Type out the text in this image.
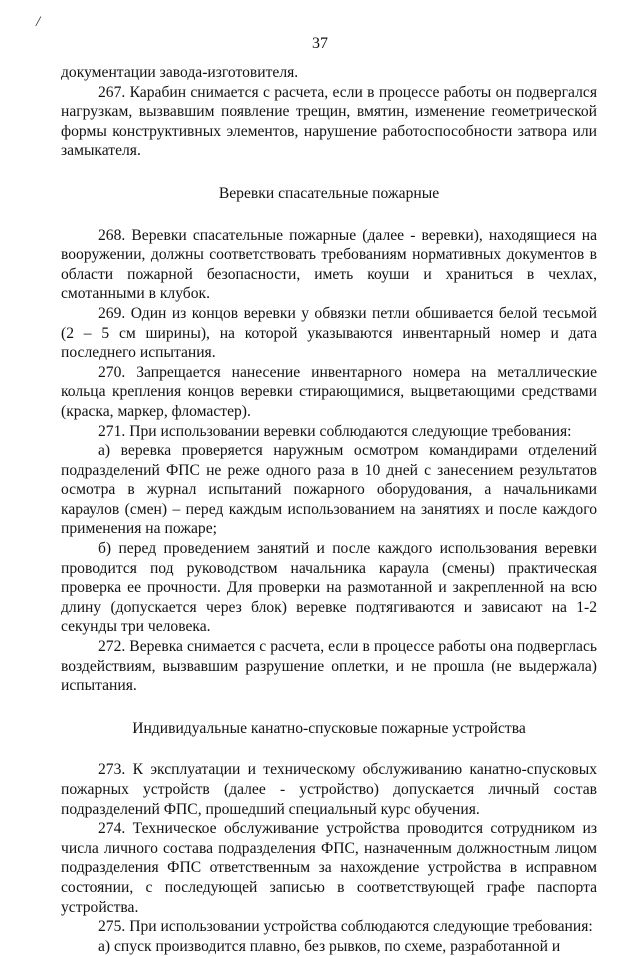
/
37

документации завода-изготовителя.

267. Карабин снимается с расчета, если в процессе работы он подвергался нагрузкам, вызвавшим появление трещин, вмятин, изменение геометрической формы конструктивных элементов, нарушение работоспособности затвора или замыкателя.

Веревки спасательные пожарные

268. Веревки спасательные пожарные (далее - веревки), находящиеся на вооружении, должны соответствовать требованиям нормативных документов в области пожарной безопасности, иметь коуши и храниться в чехлах, смотанными в клубок.

269. Один из концов веревки у обвязки петли обшивается белой тесьмой (2 – 5 см ширины), на которой указываются инвентарный номер и дата последнего испытания.

270. Запрещается нанесение инвентарного номера на металлические кольца крепления концов веревки стирающимися, выцветающими средствами (краска, маркер, фломастер).

271. При использовании веревки соблюдаются следующие требования:

а) веревка проверяется наружным осмотром командирами отделений подразделений ФПС не реже одного раза в 10 дней с занесением результатов осмотра в журнал испытаний пожарного оборудования, а начальниками караулов (смен) – перед каждым использованием на занятиях и после каждого применения на пожаре;

б) перед проведением занятий и после каждого использования веревки проводится под руководством начальника караула (смены) практическая проверка ее прочности. Для проверки на размотанной и закрепленной на всю длину (допускается через блок) веревке подтягиваются и зависают на 1-2 секунды три человека.

272. Веревка снимается с расчета, если в процессе работы она подверглась воздействиям, вызвавшим разрушение оплетки, и не прошла (не выдержала) испытания.

Индивидуальные канатно-спусковые пожарные устройства

273. К эксплуатации и техническому обслуживанию канатно-спусковых пожарных устройств (далее - устройство) допускается личный состав подразделений ФПС, прошедший специальный курс обучения.

274. Техническое обслуживание устройства проводится сотрудником из числа личного состава подразделения ФПС, назначенным должностным лицом подразделения ФПС ответственным за нахождение устройства в исправном состоянии, с последующей записью в соответствующей графе паспорта устройства.

275. При использовании устройства соблюдаются следующие требования:

а) спуск производится плавно, без рывков, по схеме, разработанной и
